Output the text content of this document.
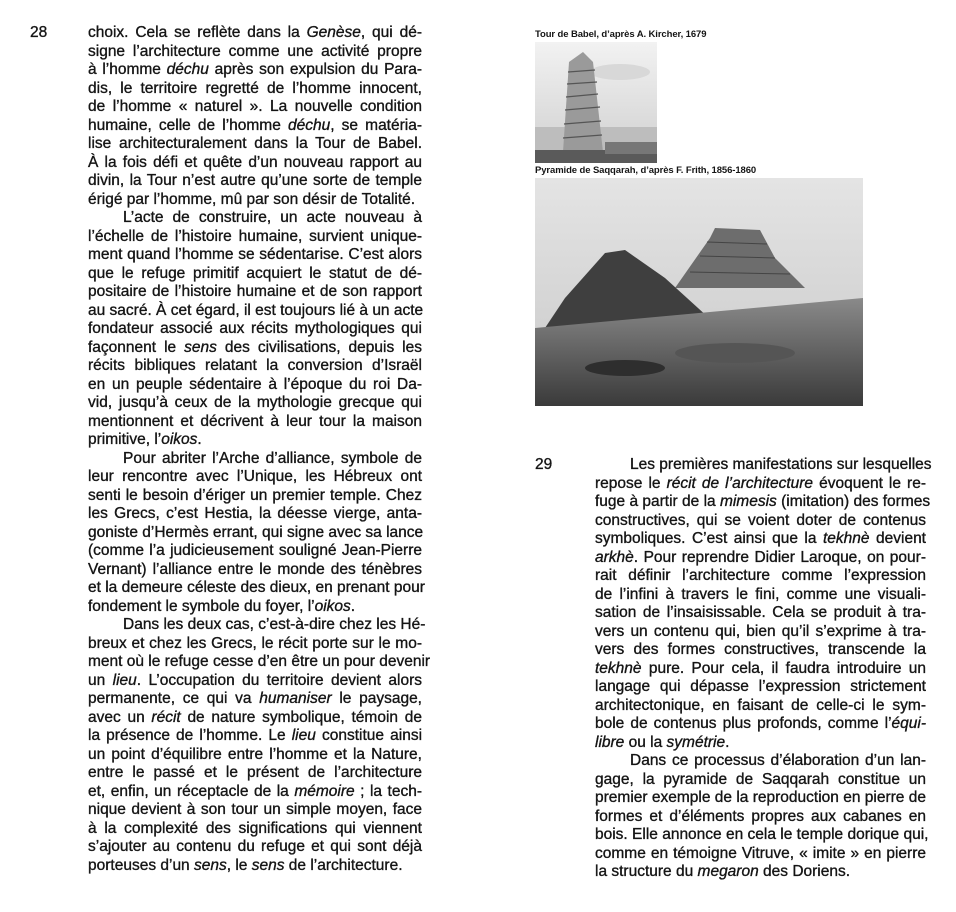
28	choix. Cela se reflète dans la Genèse, qui dé-
signe l’architecture comme une activité propre
à l’homme déchu après son expulsion du Para-
dis, le territoire regretté de l’homme innocent,
de l’homme « naturel ». La nouvelle condition
humaine, celle de l’homme déchu, se matéria-
lise architecturalement dans la Tour de Babel.
À la fois défi et quête d’un nouveau rapport au
divin, la Tour n’est autre qu’une sorte de temple
érigé par l’homme, mû par son désir de Totalité.
L’acte de construire, un acte nouveau à
l’échelle de l’histoire humaine, survient unique-
ment quand l’homme se sédentarise. C’est alors
que le refuge primitif acquiert le statut de dé-
positaire de l’histoire humaine et de son rapport
au sacré. À cet égard, il est toujours lié à un acte
fondateur associé aux récits mythologiques qui
façonnent le sens des civilisations, depuis les
récits bibliques relatant la conversion d’Israël
en un peuple sédentaire à l’époque du roi Da-
vid, jusqu’à ceux de la mythologie grecque qui
mentionnent et décrivent à leur tour la maison
primitive, l’oikos.
Pour abriter l’Arche d’alliance, symbole de
leur rencontre avec l’Unique, les Hébreux ont
senti le besoin d’ériger un premier temple. Chez
les Grecs, c’est Hestia, la déesse vierge, anta-
goniste d’Hermès errant, qui signe avec sa lance
(comme l’a judicieusement souligné Jean-Pierre
Vernant) l’alliance entre le monde des ténèbres
et la demeure céleste des dieux, en prenant pour
fondement le symbole du foyer, l’oikos.
Dans les deux cas, c’est-à-dire chez les Hé-
breux et chez les Grecs, le récit porte sur le mo-
ment où le refuge cesse d’en être un pour devenir
un lieu. L’occupation du territoire devient alors
permanente, ce qui va humaniser le paysage,
avec un récit de nature symbolique, témoin de
la présence de l’homme. Le lieu constitue ainsi
un point d’équilibre entre l’homme et la Nature,
entre le passé et le présent de l’architecture
et, enfin, un réceptacle de la mémoire ; la tech-
nique devient à son tour un simple moyen, face
à la complexité des significations qui viennent
s’ajouter au contenu du refuge et qui sont déjà
porteuses d’un sens, le sens de l’architecture.
Tour de Babel, d’après A. Kircher, 1679
Pyramide de Saqqarah, d’après F. Frith, 1856-1860
29	Les premières manifestations sur lesquelles
repose le récit de l’architecture évoquent le re-
fuge à partir de la mimesis (imitation) des formes
constructives, qui se voient doter de contenus
symboliques. C’est ainsi que la tekhnè devient
arkhè. Pour reprendre Didier Laroque, on pour-
rait définir l’architecture comme l’expression
de l’infini à travers le fini, comme une visuali-
sation de l’insaisissable. Cela se produit à tra-
vers un contenu qui, bien qu’il s’exprime à tra-
vers des formes constructives, transcende la
tekhnè pure. Pour cela, il faudra introduire un
langage qui dépasse l’expression strictement
architectonique, en faisant de celle-ci le sym-
bole de contenus plus profonds, comme l’équi-
libre ou la symétrie.
Dans ce processus d’élaboration d’un lan-
gage, la pyramide de Saqqarah constitue un
premier exemple de la reproduction en pierre de
formes et d’éléments propres aux cabanes en
bois. Elle annonce en cela le temple dorique qui,
comme en témoigne Vitruve, « imite » en pierre
la structure du megaron des Doriens.
